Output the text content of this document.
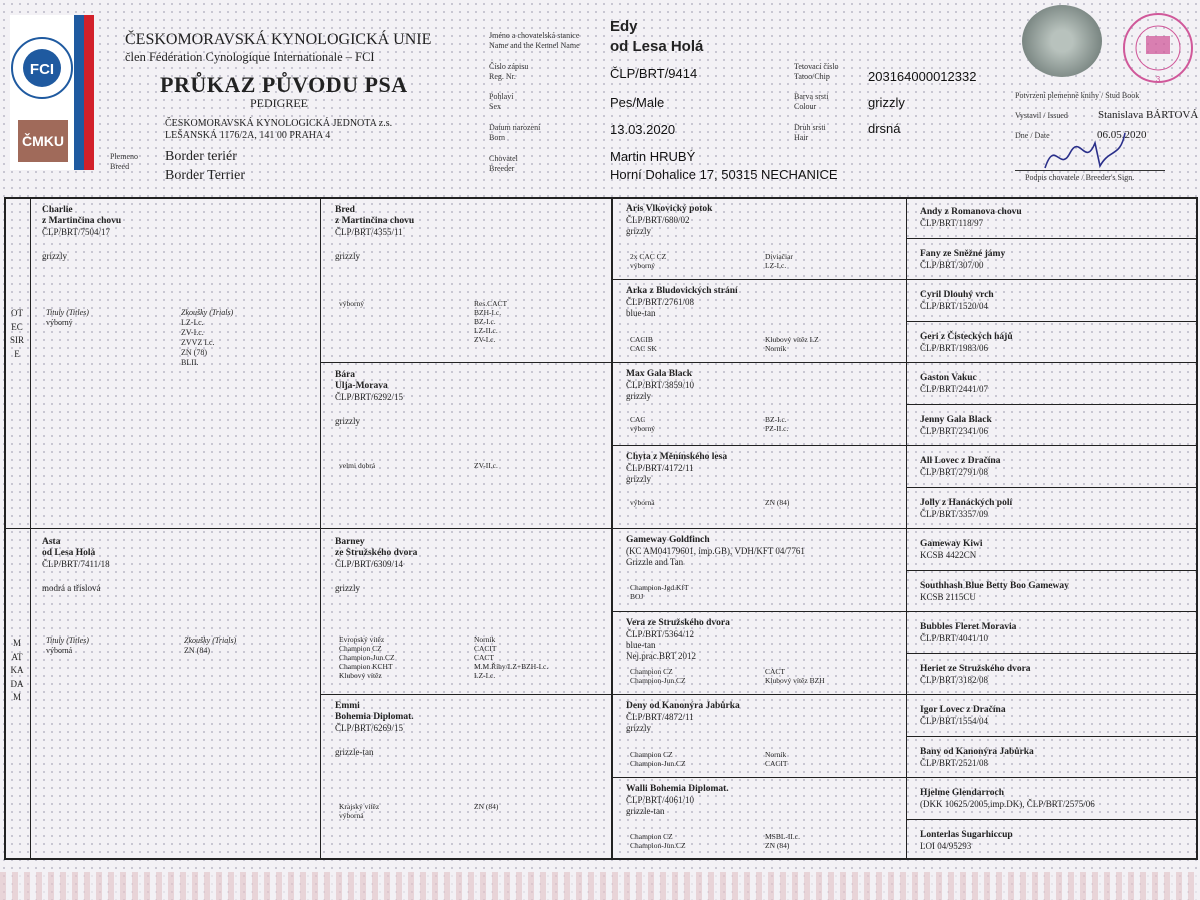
FCI
ČMKU
ČESKOMORAVSKÁ KYNOLOGICKÁ UNIE
člen Fédération Cynologique Internationale – FCI
PRŮKAZ PŮVODU PSA
PEDIGREE
ČESKOMORAVSKÁ KYNOLOGICKÁ JEDNOTA z.s.
LEŠANSKÁ 1176/2A, 141 00 PRAHA 4
Plemeno
Breed
Border teriér
Border Terrier
Jméno a chovatelská stanice
Name and the Kennel Name
Edy
od Lesa Holá
Číslo zápisu
Reg. Nr.	ČLP/BRT/9414
Pohlaví
Sex	Pes/Male
Datum narození
Born
13.03.2020
Chovatel
Breeder
Martin HRUBÝ
Horní Dohalice 17, 50315 NECHANICE
Tetovací číslo
Tatoo/Chip	203164000012332
Barva srsti
Colour	grizzly
Druh srsti
Hair
drsná
3
Potvrzení plemenné knihy / Stud Book
Vystavil / Issued	Stanislava BÁRTOVÁ
Dne / Date	06.05.2020
Podpis chovatele / Breeder's Sign.
OTEC SIRE
MATKA DAM
Charlie
z Martinčina chovu
ČLP/BRT/7504/17
grizzly
Tituly (Titles)
výborný
Zkoušky (Trials)
LZ-I.c.
ZV-I.c.
ZVVZ I.c.
ZN (78)
BLII.
Asta
od Lesa Holá
ČLP/BRT/7411/18
modrá a tříslová
Tituly (Titles)
výborná
Zkoušky (Trials)
ZN (84)
Bred
z Martinčina chovu
ČLP/BRT/4355/11
grizzly
výborný	Res.CACT
BZH-I.c.
BZ-I.c.
LZ-II.c.
ZV-I.c.
Bára
Ulja-Morava
ČLP/BRT/6292/15
grizzly
velmi dobrá	ZV-II.c.
Barney
ze Stružského dvora
ČLP/BRT/6309/14
grizzly
Evropský vítěz
Champion CZ
Champion-Jun.CZ
Champion KCHT
Klubový vítěz
Norník
CACIT
CACT
M.M.Říhy/LZ+BZH-I.c.
LZ-I.c.
Emmi
Bohemia Diplomat.
ČLP/BRT/6269/15
grizzle-tan
Krajský vítěz
výborná
ZN (84)
Aris Vlkovický potok
ČLP/BRT/680/02
grizzly
2x CAC CZ
výborný
Diviačiar
LZ-I.c.
Arka z Bludovických strání
ČLP/BRT/2761/08
blue-tan
CACIB
CAC SK
Klubový vítěz LZ
Norník
Max Gala Black
ČLP/BRT/3859/10
grizzly
CAC
výborný
BZ-I.c.
PZ-II.c.
Chyta z Měnínského lesa
ČLP/BRT/4172/11
grizzly
výborná	ZN (84)
Gameway Goldfinch
(KC AM04179601, imp.GB), VDH/KFT 04/7761
Grizzle and Tan
Champion-Jgd.KfT
BOJ
Vera ze Stružského dvora
ČLP/BRT/5364/12
blue-tan
Nej.prac.BRT 2012
Champion CZ
Champion-Jun.CZ
CACT
Klubový vítěz BZH
Deny od Kanonýra Jabůrka
ČLP/BRT/4872/11
grizzly
Champion CZ
Champion-Jun.CZ
Norník
CACIT
Walli Bohemia Diplomat.
ČLP/BRT/4061/10
grizzle-tan
Champion CZ
Champion-Jun.CZ
MSBL-II.c.
ZN (84)
Andy z Romanova chovu
ČLP/BRT/118/97
Fany ze Sněžné jámy
ČLP/BRT/307/00
Cyril Dlouhý vrch
ČLP/BRT/1520/04
Geri z Čisteckých hájů
ČLP/BRT/1983/06
Gaston Vakuc
ČLP/BRT/2441/07
Jenny Gala Black
ČLP/BRT/2341/06
All Lovec z Dračína
ČLP/BRT/2791/08
Jolly z Hanáckých polí
ČLP/BRT/3357/09
Gameway Kiwi
KCSB 4422CN
Southhash Blue Betty Boo Gameway
KCSB 2115CU
Bubbles Fleret Moravia
ČLP/BRT/4041/10
Heriet ze Stružského dvora
ČLP/BRT/3182/08
Igor Lovec z Dračína
ČLP/BRT/1554/04
Bany od Kanonýra Jabůrka
ČLP/BRT/2521/08
Hjelme Glendarroch
(DKK 10625/2005,imp.DK), ČLP/BRT/2575/06
Lonterlas Sugarhiccup
LOI 04/95293
